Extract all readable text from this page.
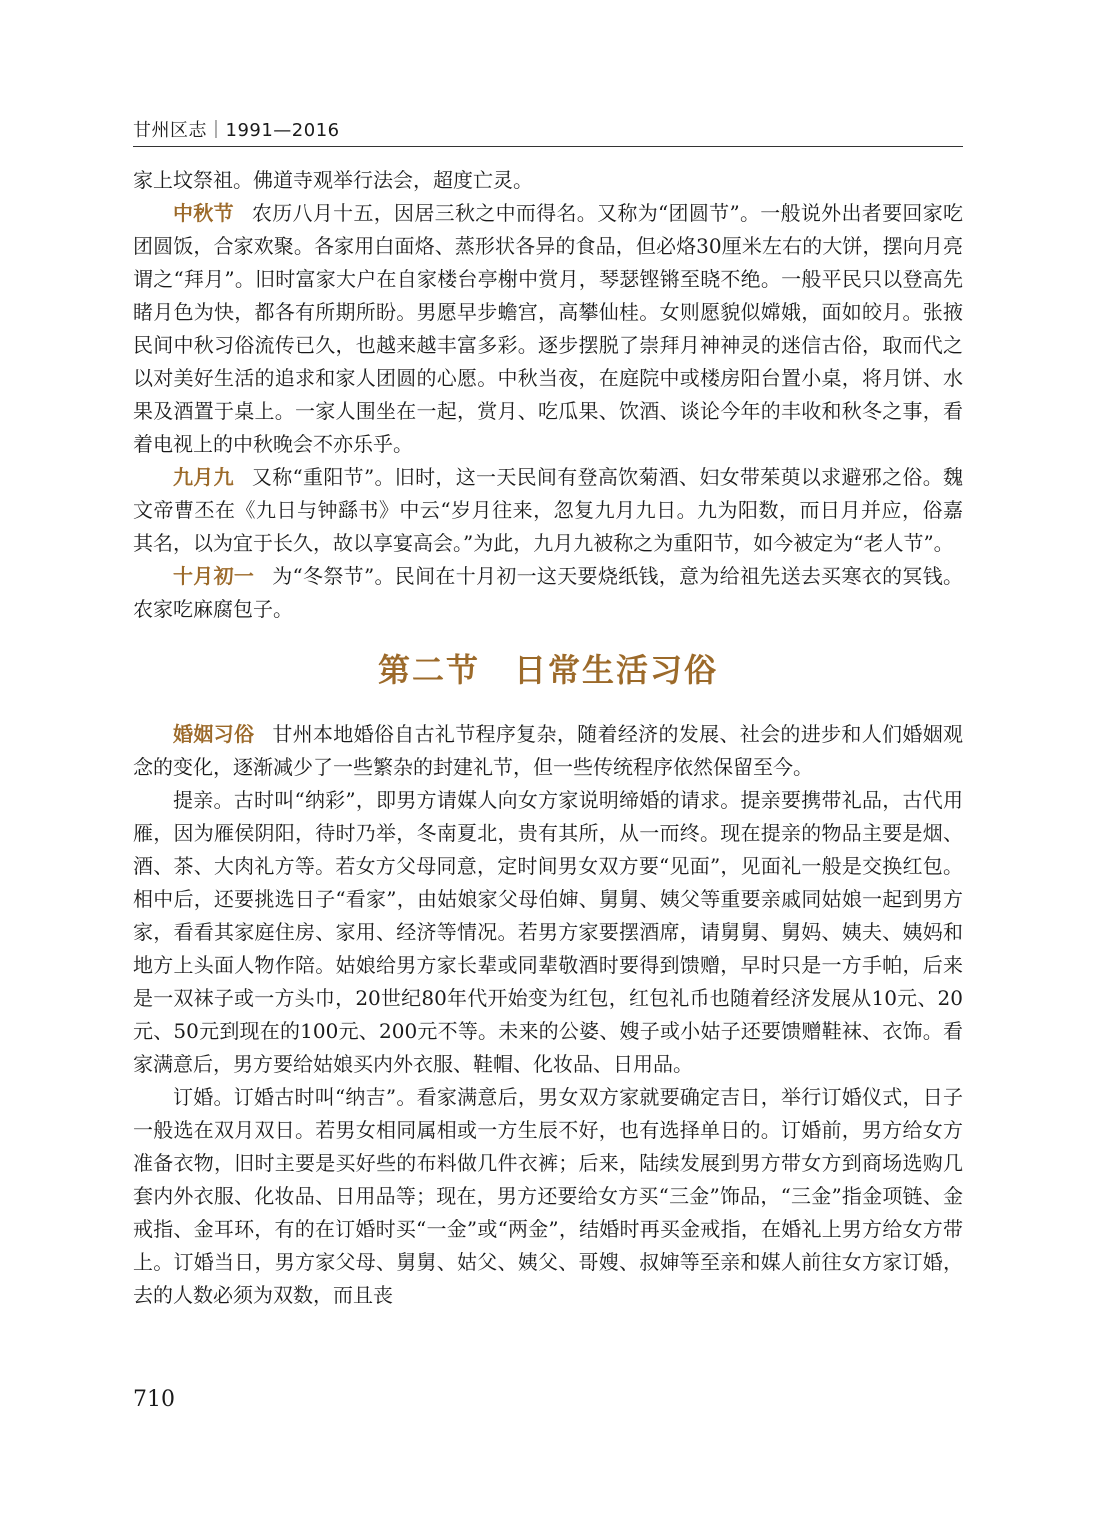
甘州区志｜1991—2016

家上坟祭祖。佛道寺观举行法会，超度亡灵。

中秋节 农历八月十五，因居三秋之中而得名。又称为“团圆节”。一般说外出者要回家吃团圆饭，合家欢聚。各家用白面烙、蒸形状各异的食品，但必烙30厘米左右的大饼，摆向月亮谓之“拜月”。旧时富家大户在自家楼台亭榭中赏月，琴瑟铿锵至晓不绝。一般平民只以登高先睹月色为快，都各有所期所盼。男愿早步蟾宫，高攀仙桂。女则愿貌似嫦娥，面如皎月。张掖民间中秋习俗流传已久，也越来越丰富多彩。逐步摆脱了崇拜月神神灵的迷信古俗，取而代之以对美好生活的追求和家人团圆的心愿。中秋当夜，在庭院中或楼房阳台置小桌，将月饼、水果及酒置于桌上。一家人围坐在一起，赏月、吃瓜果、饮酒、谈论今年的丰收和秋冬之事，看着电视上的中秋晚会不亦乐乎。

九月九 又称“重阳节”。旧时，这一天民间有登高饮菊酒、妇女带茱萸以求避邪之俗。魏文帝曹丕在《九日与钟繇书》中云“岁月往来，忽复九月九日。九为阳数，而日月并应，俗嘉其名，以为宜于长久，故以享宴高会。”为此，九月九被称之为重阳节，如今被定为“老人节”。

十月初一 为“冬祭节”。民间在十月初一这天要烧纸钱，意为给祖先送去买寒衣的冥钱。农家吃麻腐包子。

第二节　日常生活习俗

婚姻习俗 甘州本地婚俗自古礼节程序复杂，随着经济的发展、社会的进步和人们婚姻观念的变化，逐渐减少了一些繁杂的封建礼节，但一些传统程序依然保留至今。

提亲。古时叫“纳彩”，即男方请媒人向女方家说明缔婚的请求。提亲要携带礼品，古代用雁，因为雁侯阴阳，待时乃举，冬南夏北，贵有其所，从一而终。现在提亲的物品主要是烟、酒、茶、大肉礼方等。若女方父母同意，定时间男女双方要“见面”，见面礼一般是交换红包。相中后，还要挑选日子“看家”，由姑娘家父母伯婶、舅舅、姨父等重要亲戚同姑娘一起到男方家，看看其家庭住房、家用、经济等情况。若男方家要摆酒席，请舅舅、舅妈、姨夫、姨妈和地方上头面人物作陪。姑娘给男方家长辈或同辈敬酒时要得到馈赠，早时只是一方手帕，后来是一双袜子或一方头巾，20世纪80年代开始变为红包，红包礼币也随着经济发展从10元、20元、50元到现在的100元、200元不等。未来的公婆、嫂子或小姑子还要馈赠鞋袜、衣饰。看家满意后，男方要给姑娘买内外衣服、鞋帽、化妆品、日用品。

订婚。订婚古时叫“纳吉”。看家满意后，男女双方家就要确定吉日，举行订婚仪式，日子一般选在双月双日。若男女相同属相或一方生辰不好，也有选择单日的。订婚前，男方给女方准备衣物，旧时主要是买好些的布料做几件衣裤；后来，陆续发展到男方带女方到商场选购几套内外衣服、化妆品、日用品等；现在，男方还要给女方买“三金”饰品，“三金”指金项链、金戒指、金耳环，有的在订婚时买“一金”或“两金”，结婚时再买金戒指，在婚礼上男方给女方带上。订婚当日，男方家父母、舅舅、姑父、姨父、哥嫂、叔婶等至亲和媒人前往女方家订婚，去的人数必须为双数，而且丧

710
